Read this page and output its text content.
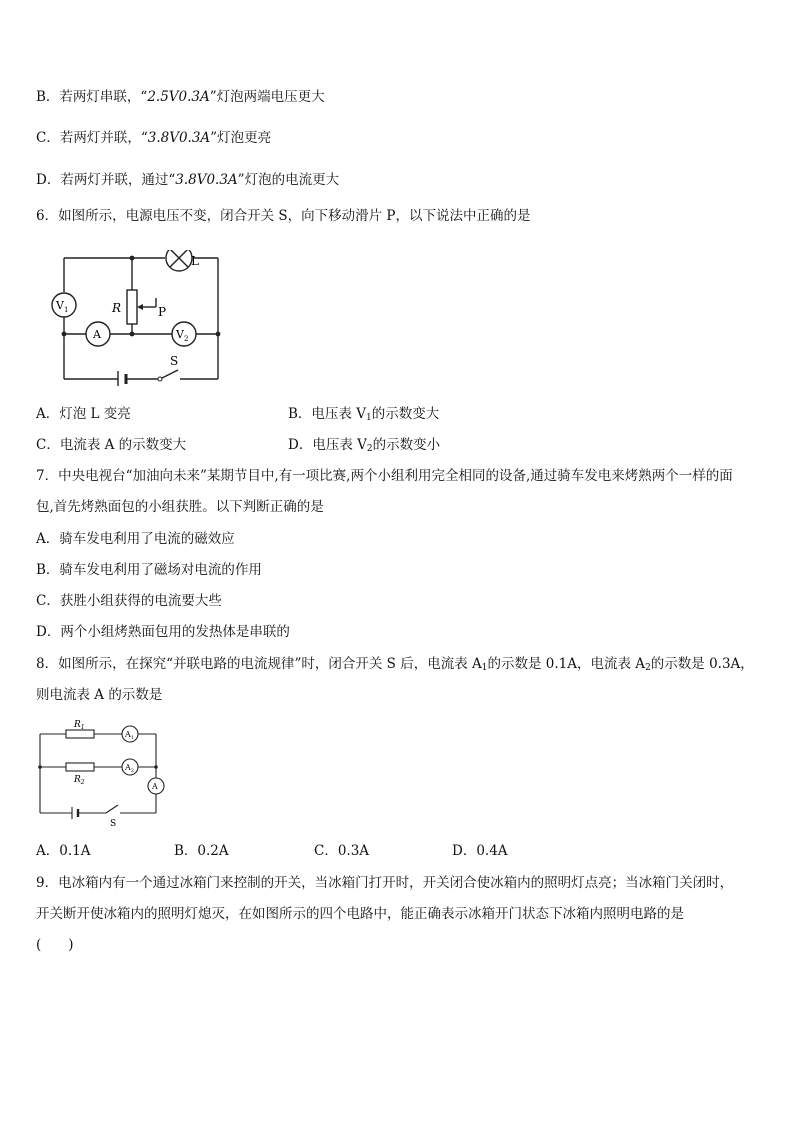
B．若两灯串联，“2.5V0.3A”灯泡两端电压更大
C．若两灯并联，“3.8V0.3A”灯泡更亮
D．若两灯并联，通过“3.8V0.3A”灯泡的电流更大
6．如图所示，电源电压不变，闭合开关 S，向下移动滑片 P，以下说法中正确的是
L
R	P
$V_1$
A	$V_2$
S
A．灯泡 L 变亮	B．电压表 $V_1$的示数变大
C．电流表 A 的示数变大	D．电压表 $V_2$的示数变小
7．中央电视台“加油向未来”某期节目中,有一项比赛,两个小组利用完全相同的设备,通过骑车发电来烤熟两个一样的面
包,首先烤熟面包的小组获胜。以下判断正确的是
A．骑车发电利用了电流的磁效应
B．骑车发电利用了磁场对电流的作用
C．获胜小组获得的电流要大些
D．两个小组烤熟面包用的发热体是串联的
8．如图所示，在探究“并联电路的电流规律”时，闭合开关 S 后，电流表 $A_1$的示数是 0.1A，电流表 $A_2$的示数是 0.3A，
则电流表 A 的示数是
$R_1$
$R_2$
$A_1$
$A_2$
A
S
A．0.1A	B．0.2A	C．0.3A	D．0.4A
9．电冰箱内有一个通过冰箱门来控制的开关，当冰箱门打开时，开关闭合使冰箱内的照明灯点亮；当冰箱门关闭时，
开关断开使冰箱内的照明灯熄灭，在如图所示的四个电路中，能正确表示冰箱开门状态下冰箱内照明电路的是
(　　)
